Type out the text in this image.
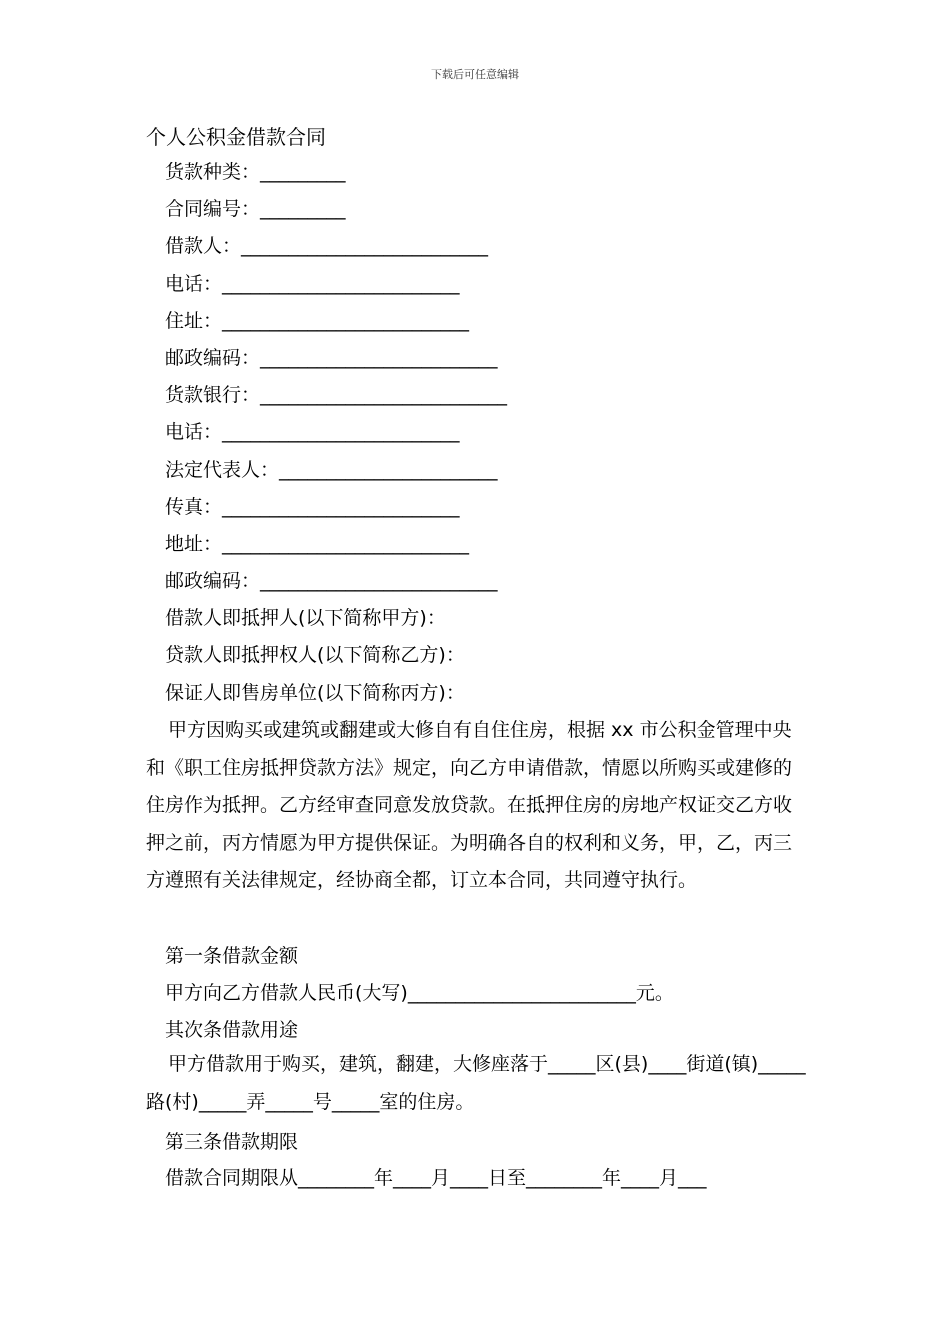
下载后可任意编辑
个人公积金借款合同
货款种类：_________
合同编号：_________
借款人：__________________________
电话：_________________________
住址：__________________________
邮政编码：_________________________
货款银行：__________________________
电话：_________________________
法定代表人：_______________________
传真：_________________________
地址：__________________________
邮政编码：_________________________
借款人即抵押人(以下简称甲方)：
贷款人即抵押权人(以下简称乙方)：
保证人即售房单位(以下简称丙方)：
甲方因购买或建筑或翻建或大修自有自住住房，根据 xx 市公积金管理中央和《职工住房抵押贷款方法》规定，向乙方申请借款，情愿以所购买或建修的住房作为抵押。乙方经审查同意发放贷款。在抵押住房的房地产权证交乙方收押之前，丙方情愿为甲方提供保证。为明确各自的权利和义务，甲，乙，丙三方遵照有关法律规定，经协商全都，订立本合同，共同遵守执行。
第一条借款金额
甲方向乙方借款人民币(大写)________________________元。
其次条借款用途
甲方借款用于购买，建筑，翻建，大修座落于_____区(县)____街道(镇)_____路(村)_____弄_____号_____室的住房。
第三条借款期限
借款合同期限从________年____月____日至________年____月___
